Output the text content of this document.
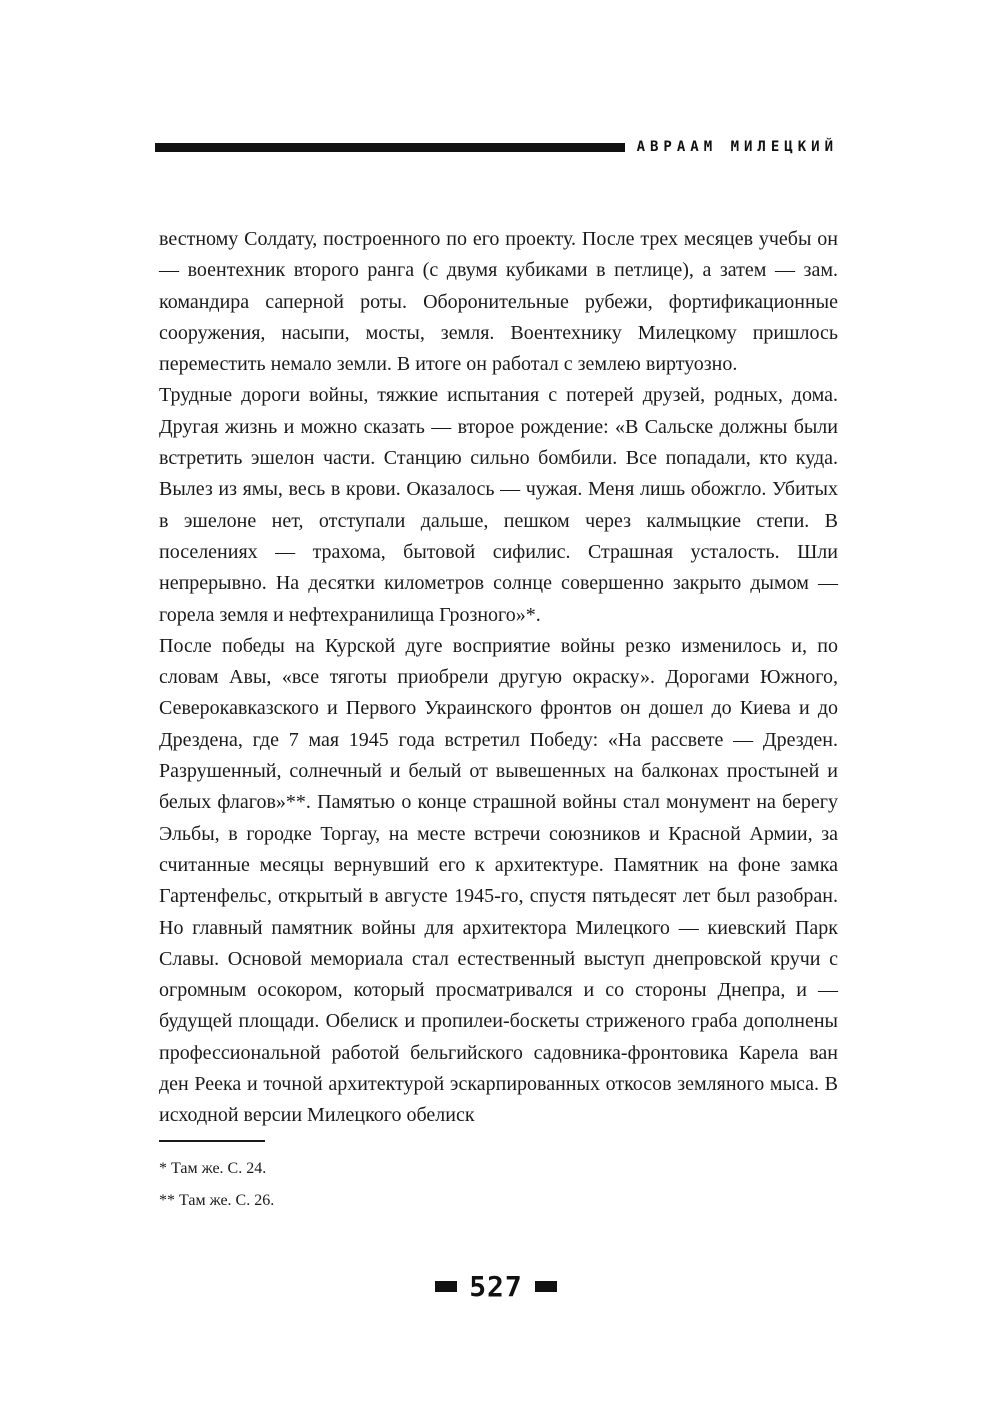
АВРААМ МИЛЕЦКИЙ

вестному Солдату, построенного по его проекту. После трех месяцев учебы он — воентехник второго ранга (с двумя кубиками в петлице), а затем — зам. командира саперной роты. Оборонительные рубежи, фортификационные сооружения, насыпи, мосты, земля. Воентехнику Милецкому пришлось переместить немало земли. В итоге он работал с землею виртуозно.

Трудные дороги войны, тяжкие испытания с потерей друзей, родных, дома. Другая жизнь и можно сказать — второе рождение: «В Сальске должны были встретить эшелон части. Станцию сильно бомбили. Все попадали, кто куда. Вылез из ямы, весь в крови. Оказалось — чужая. Меня лишь обожгло. Убитых в эшелоне нет, отступали дальше, пешком через калмыцкие степи. В поселениях — трахома, бытовой сифилис. Страшная усталость. Шли непрерывно. На десятки километров солнце совершенно закрыто дымом — горела земля и нефтехранилища Грозного»*.

После победы на Курской дуге восприятие войны резко изменилось и, по словам Авы, «все тяготы приобрели другую окраску». Дорогами Южного, Северокавказского и Первого Украинского фронтов он дошел до Киева и до Дрездена, где 7 мая 1945 года встретил Победу: «На рассвете — Дрезден. Разрушенный, солнечный и белый от вывешенных на балконах простыней и белых флагов»**. Памятью о конце страшной войны стал монумент на берегу Эльбы, в городке Торгау, на месте встречи союзников и Красной Армии, за считанные месяцы вернувший его к архитектуре. Памятник на фоне замка Гартенфельс, открытый в августе 1945-го, спустя пятьдесят лет был разобран. Но главный памятник войны для архитектора Милецкого — киевский Парк Славы. Основой мемориала стал естественный выступ днепровской кручи с огромным осокором, который просматривался и со стороны Днепра, и — будущей площади. Обелиск и пропилеи-боскеты стриженого граба дополнены профессиональной работой бельгийского садовника-фронтовика Карела ван ден Реека и точной архитектурой эскарпированных откосов земляного мыса. В исходной версии Милецкого обелиск

* Там же. С. 24.
** Там же. С. 26.
527
